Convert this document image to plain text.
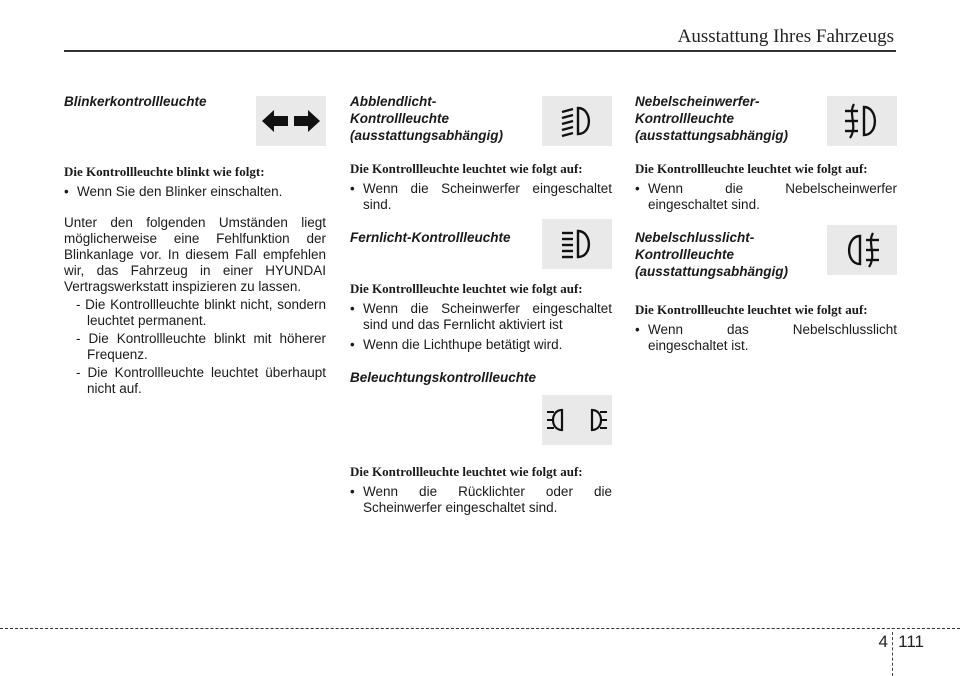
Ausstattung Ihres Fahrzeugs

Blinkerkontrollleuchte

Die Kontrollleuchte blinkt wie folgt:

• Wenn Sie den Blinker einschalten.

Unter den folgenden Umständen liegt möglicherweise eine Fehlfunktion der Blinkanlage vor. In diesem Fall empfehlen wir, das Fahrzeug in einer HYUNDAI Vertragswerkstatt inspizieren zu lassen.

- Die Kontrollleuchte blinkt nicht, sondern leuchtet permanent.

- Die Kontrollleuchte blinkt mit höherer Frequenz.

- Die Kontrollleuchte leuchtet überhaupt nicht auf.

Abblendlicht-
Kontrollleuchte
(ausstattungsabhängig)

Die Kontrollleuchte leuchtet wie folgt auf:

• Wenn die Scheinwerfer eingeschaltet sind.

Fernlicht-Kontrollleuchte

Die Kontrollleuchte leuchtet wie folgt auf:

• Wenn die Scheinwerfer eingeschaltet sind und das Fernlicht aktiviert ist

• Wenn die Lichthupe betätigt wird.

Beleuchtungskontrollleuchte

Die Kontrollleuchte leuchtet wie folgt auf:

• Wenn die Rücklichter oder die Scheinwerfer eingeschaltet sind.

Nebelscheinwerfer-
Kontrollleuchte
(ausstattungsabhängig)

Die Kontrollleuchte leuchtet wie folgt auf:

• Wenn die Nebelscheinwerfer eingeschaltet sind.

Nebelschlusslicht-
Kontrollleuchte
(ausstattungsabhängig)

Die Kontrollleuchte leuchtet wie folgt auf:

• Wenn das Nebelschlusslicht eingeschaltet ist.

4 111
